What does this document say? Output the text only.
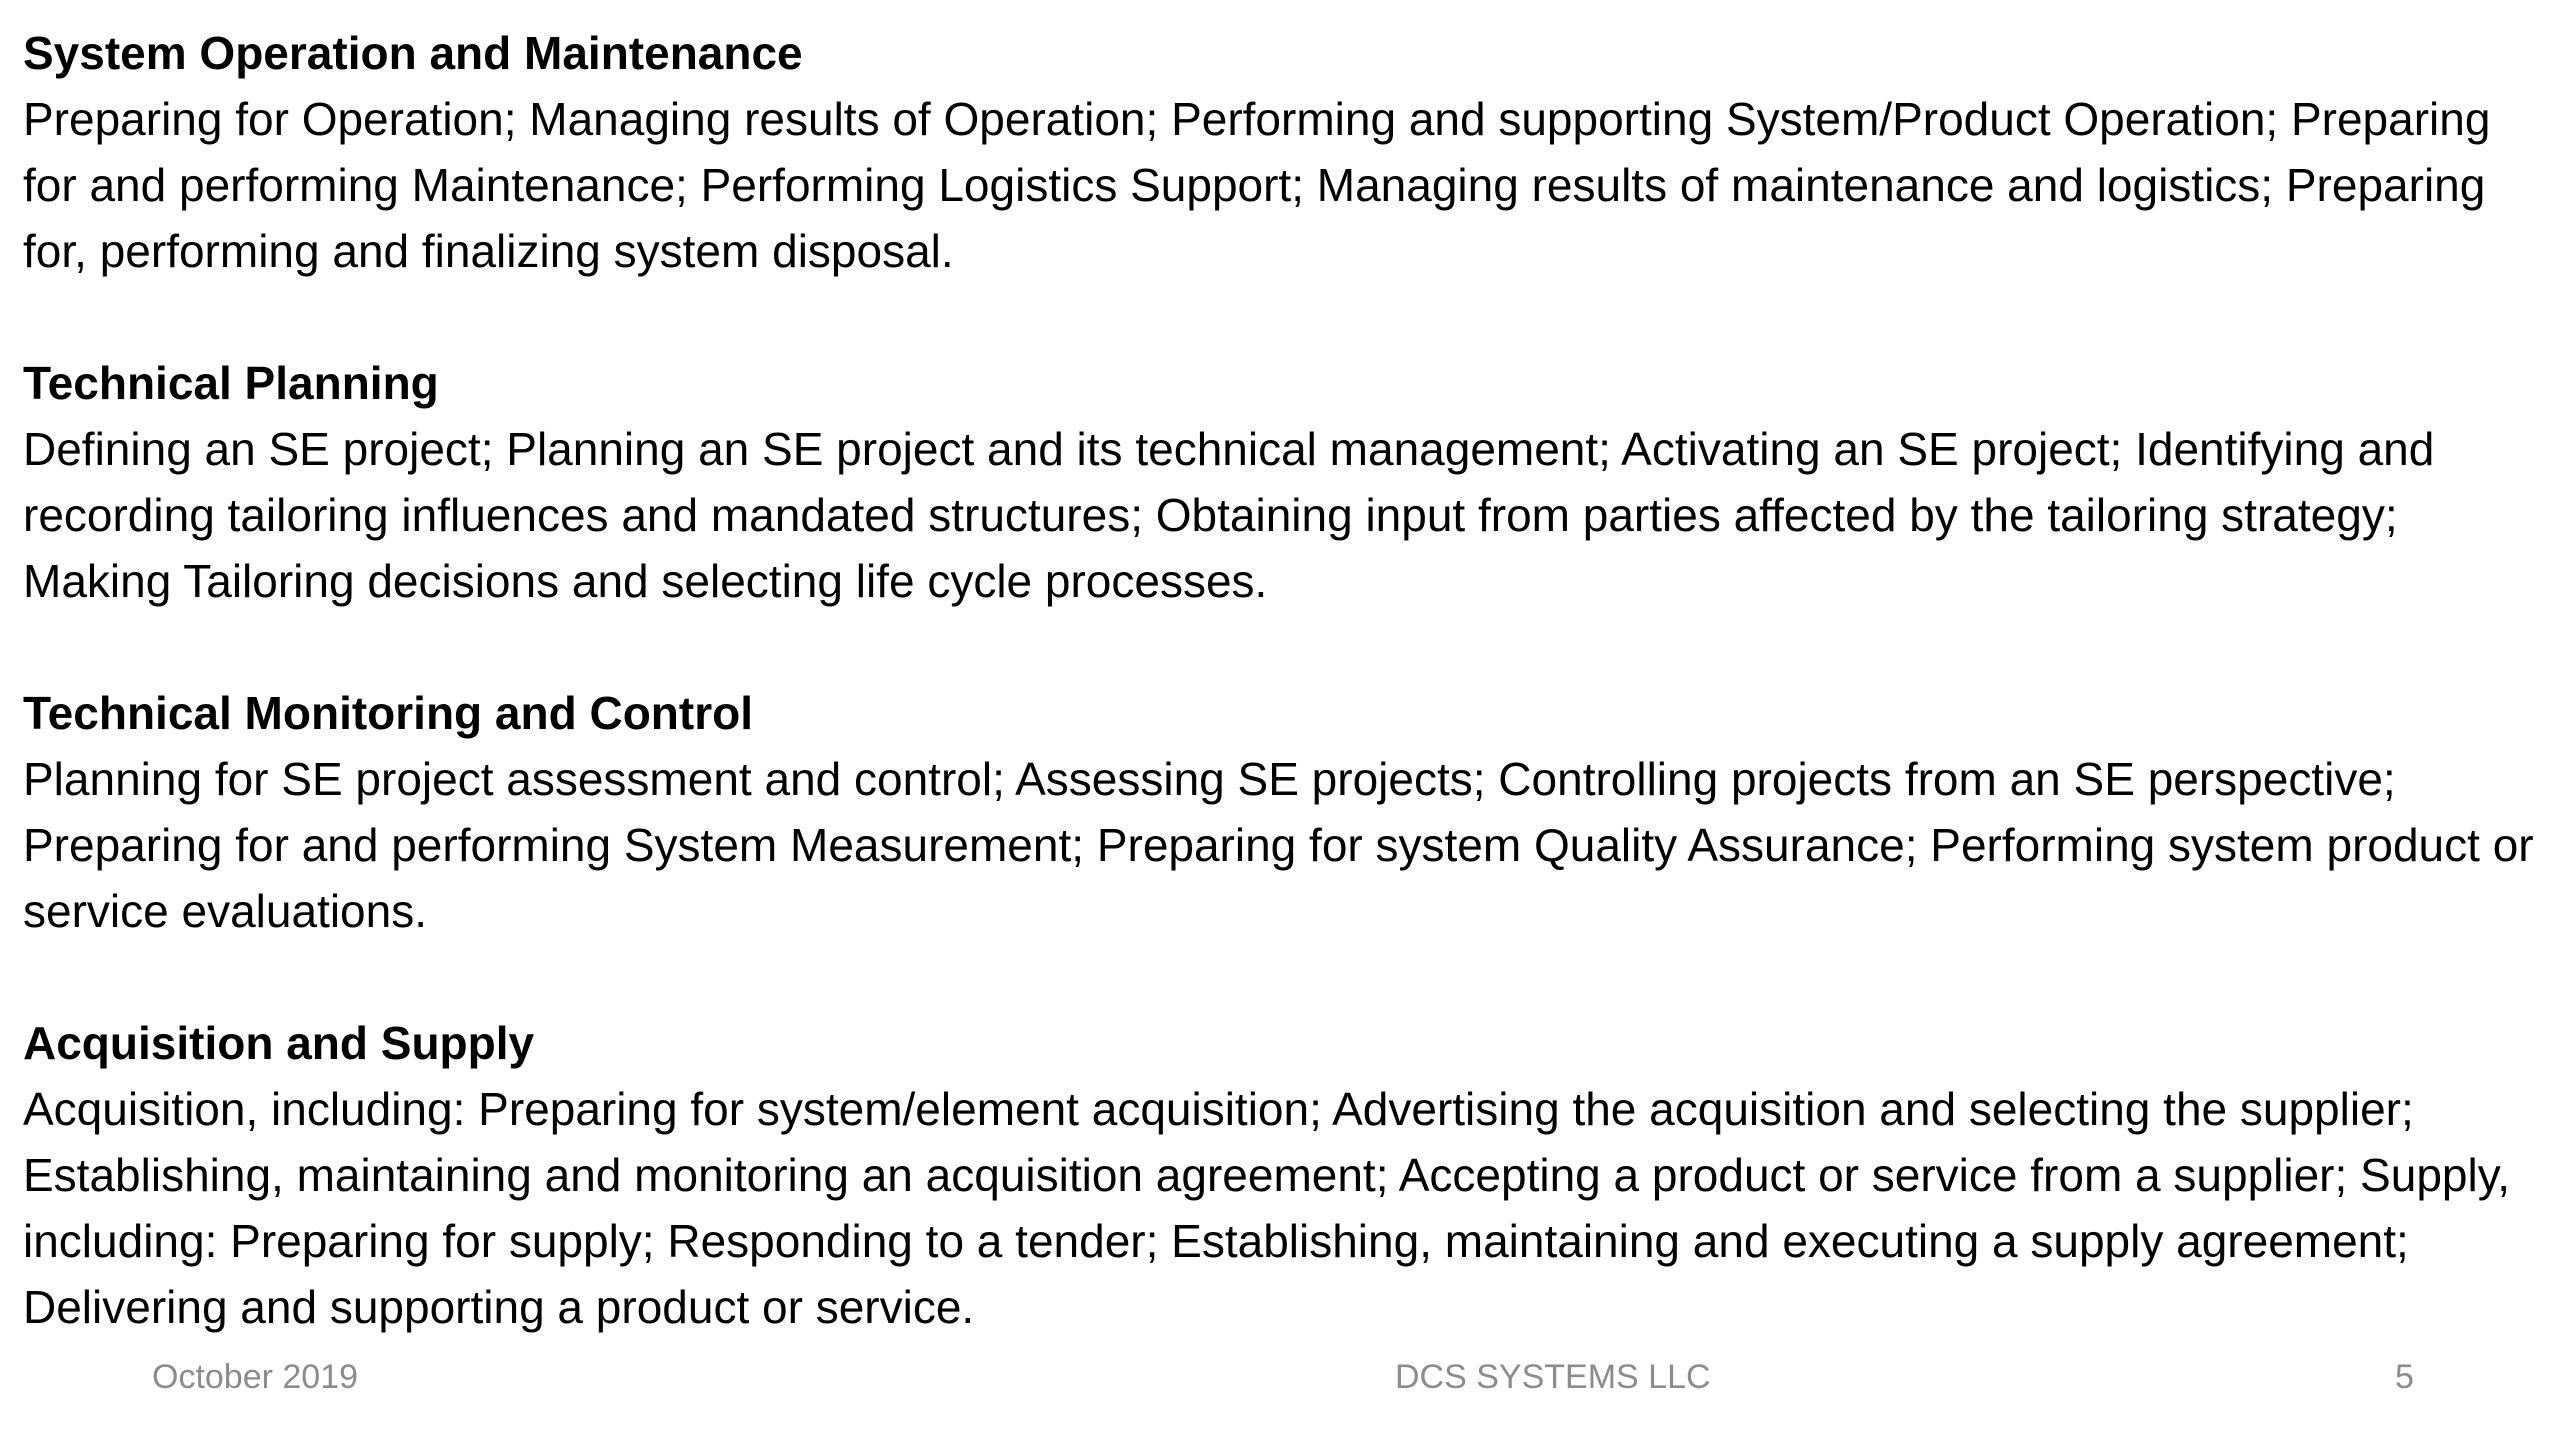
System Operation and Maintenance
Preparing for Operation; Managing results of Operation; Performing and supporting System/Product Operation; Preparing for and performing Maintenance; Performing Logistics Support; Managing results of maintenance and logistics; Preparing for, performing and finalizing system disposal.
Technical Planning
Defining an SE project; Planning an SE project and its technical management; Activating an SE project; Identifying and recording tailoring influences and mandated structures; Obtaining input from parties affected by the tailoring strategy; Making Tailoring decisions and selecting life cycle processes.
Technical Monitoring and Control
Planning for SE project assessment and control; Assessing SE projects; Controlling projects from an SE perspective; Preparing for and performing System Measurement; Preparing for system Quality Assurance; Performing system product or service evaluations.
Acquisition and Supply
Acquisition, including: Preparing for system/element acquisition; Advertising the acquisition and selecting the supplier; Establishing, maintaining and monitoring an acquisition agreement; Accepting a product or service from a supplier; Supply, including: Preparing for supply; Responding to a tender; Establishing, maintaining and executing a supply agreement; Delivering and supporting a product or service.
October 2019	DCS SYSTEMS LLC	5
